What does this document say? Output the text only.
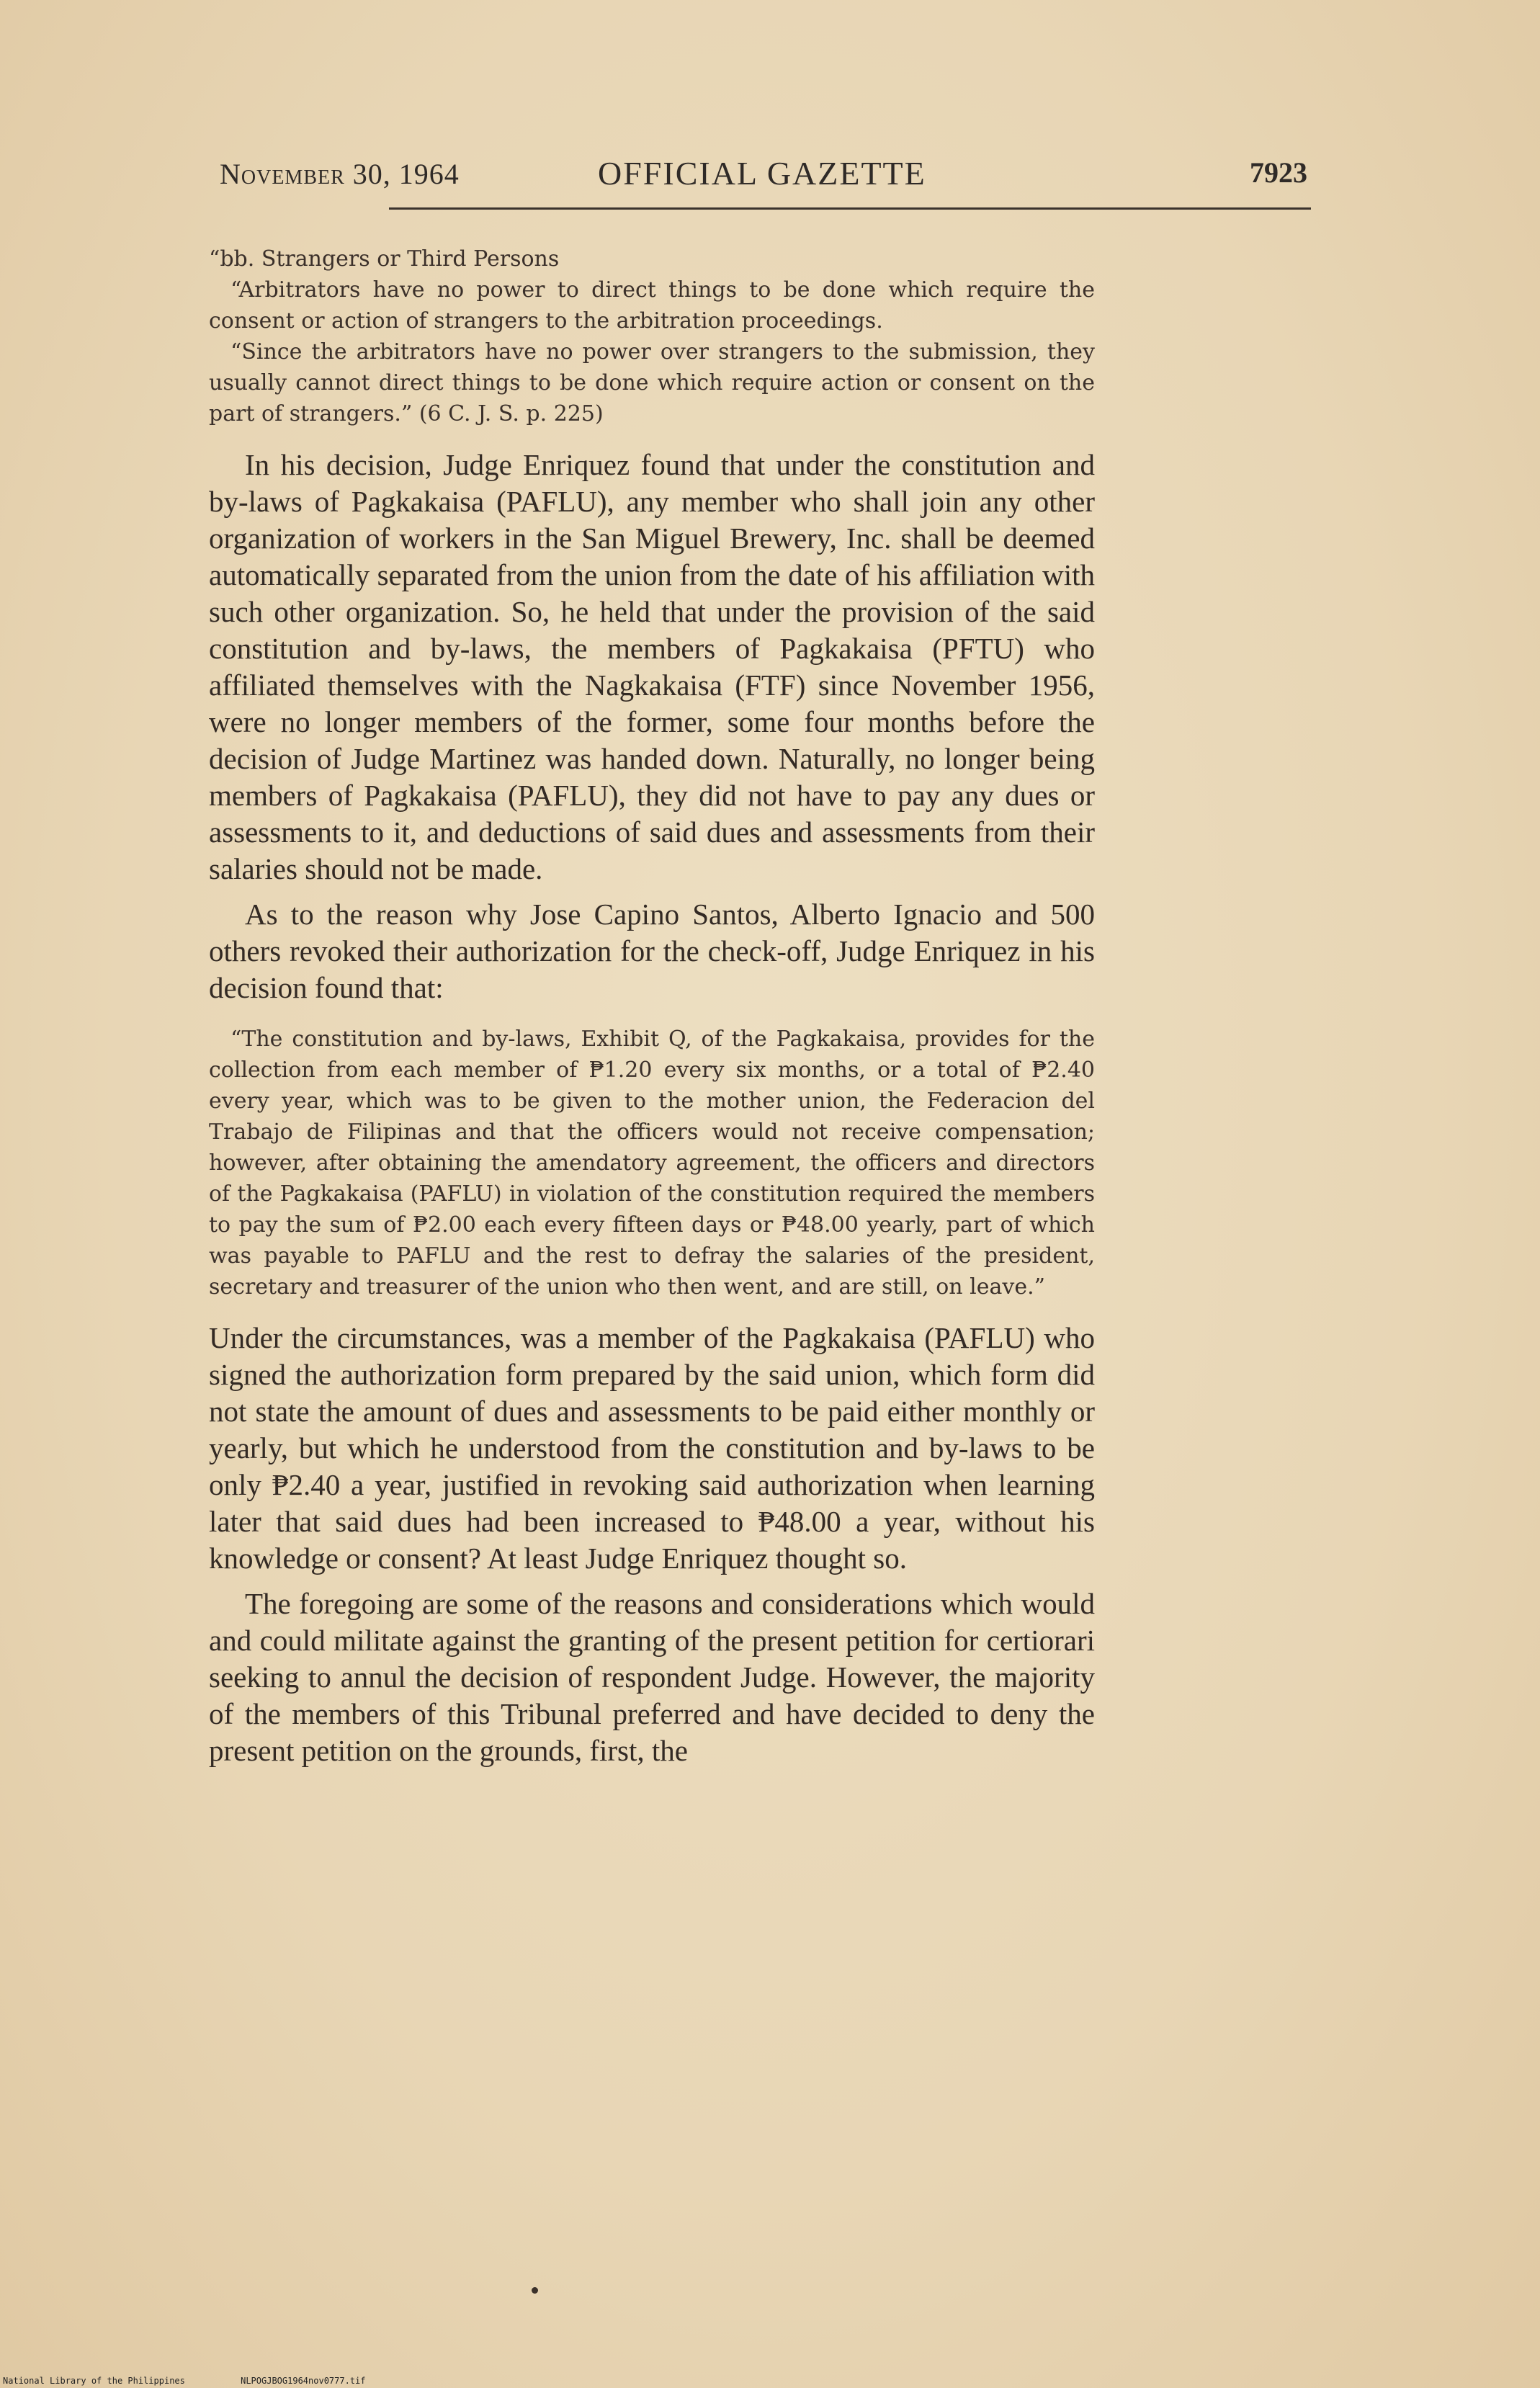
November 30, 1964	OFFICIAL GAZETTE	7923

“bb. Strangers or Third Persons

“Arbitrators have no power to direct things to be done which require the consent or action of strangers to the arbitration proceedings.

“Since the arbitrators have no power over strangers to the submission, they usually cannot direct things to be done which require action or consent on the part of strangers.” (6 C. J. S. p. 225)

In his decision, Judge Enriquez found that under the constitution and by-laws of Pagkakaisa (PAFLU), any member who shall join any other organization of workers in the San Miguel Brewery, Inc. shall be deemed automatically separated from the union from the date of his affiliation with such other organization. So, he held that under the provision of the said constitution and by-laws, the members of Pagkakaisa (PFTU) who affiliated themselves with the Nagkakaisa (FTF) since November 1956, were no longer members of the former, some four months before the decision of Judge Martinez was handed down. Naturally, no longer being members of Pagkakaisa (PAFLU), they did not have to pay any dues or assessments to it, and deductions of said dues and assessments from their salaries should not be made.

As to the reason why Jose Capino Santos, Alberto Ignacio and 500 others revoked their authorization for the check-off, Judge Enriquez in his decision found that:

“The constitution and by-laws, Exhibit Q, of the Pagkakaisa, provides for the collection from each member of ₱1.20 every six months, or a total of ₱2.40 every year, which was to be given to the mother union, the Federacion del Trabajo de Filipinas and that the officers would not receive compensation; however, after obtaining the amendatory agreement, the officers and directors of the Pagkakaisa (PAFLU) in violation of the constitution required the members to pay the sum of ₱2.00 each every fifteen days or ₱48.00 yearly, part of which was payable to PAFLU and the rest to defray the salaries of the president, secretary and treasurer of the union who then went, and are still, on leave.”

Under the circumstances, was a member of the Pagkakaisa (PAFLU) who signed the authorization form prepared by the said union, which form did not state the amount of dues and assessments to be paid either monthly or yearly, but which he understood from the constitution and by-laws to be only ₱2.40 a year, justified in revoking said authorization when learning later that said dues had been increased to ₱48.00 a year, without his knowledge or consent? At least Judge Enriquez thought so.

The foregoing are some of the reasons and considerations which would and could militate against the granting of the present petition for certiorari seeking to annul the decision of respondent Judge. However, the majority of the members of this Tribunal preferred and have decided to deny the present petition on the grounds, first, the

National Library of the Philippines	NLPOGJBOG1964nov0777.tif
